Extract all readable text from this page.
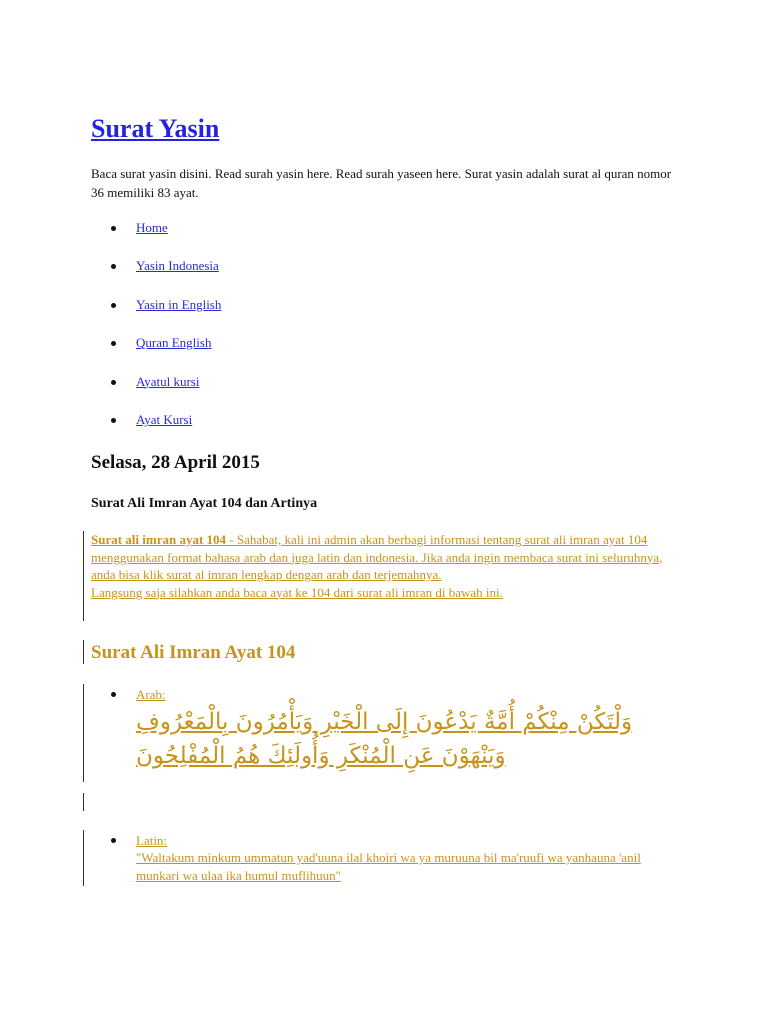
Surat Yasin

Baca surat yasin disini. Read surah yasin here. Read surah yaseen here. Surat yasin adalah surat al quran nomor 36 memiliki 83 ayat.

Home
Yasin Indonesia
Yasin in English
Quran English
Ayatul kursi
Ayat Kursi
Selasa, 28 April 2015
Surat Ali Imran Ayat 104 dan Artinya

Surat ali imran ayat 104 - Sahabat, kali ini admin akan berbagi informasi tentang surat ali imran ayat 104 menggunakan format bahasa arab dan juga latin dan indonesia. Jika anda ingin membaca surat ini seluruhnya, anda bisa klik surat al imran lengkap dengan arab dan terjemahnya.

Langsung saja silahkan anda baca ayat ke 104 dari surat ali imran di bawah ini.

Surat Ali Imran Ayat 104
Arab:

وَلْتَكُنْ مِنْكُمْ أُمَّةٌ يَدْعُونَ إِلَى الْخَيْرِ وَيَأْمُرُونَ بِالْمَعْرُوفِ وَيَنْهَوْنَ عَنِ الْمُنْكَرِ وَأُولَئِكَ هُمُ الْمُفْلِحُونَ

Latin:

"Waltakum minkum ummatun yad'uuna ilal khoiri wa ya muruuna bil ma'ruufi wa yanhauna 'anil munkari wa ulaa ika humul muflihuun"
